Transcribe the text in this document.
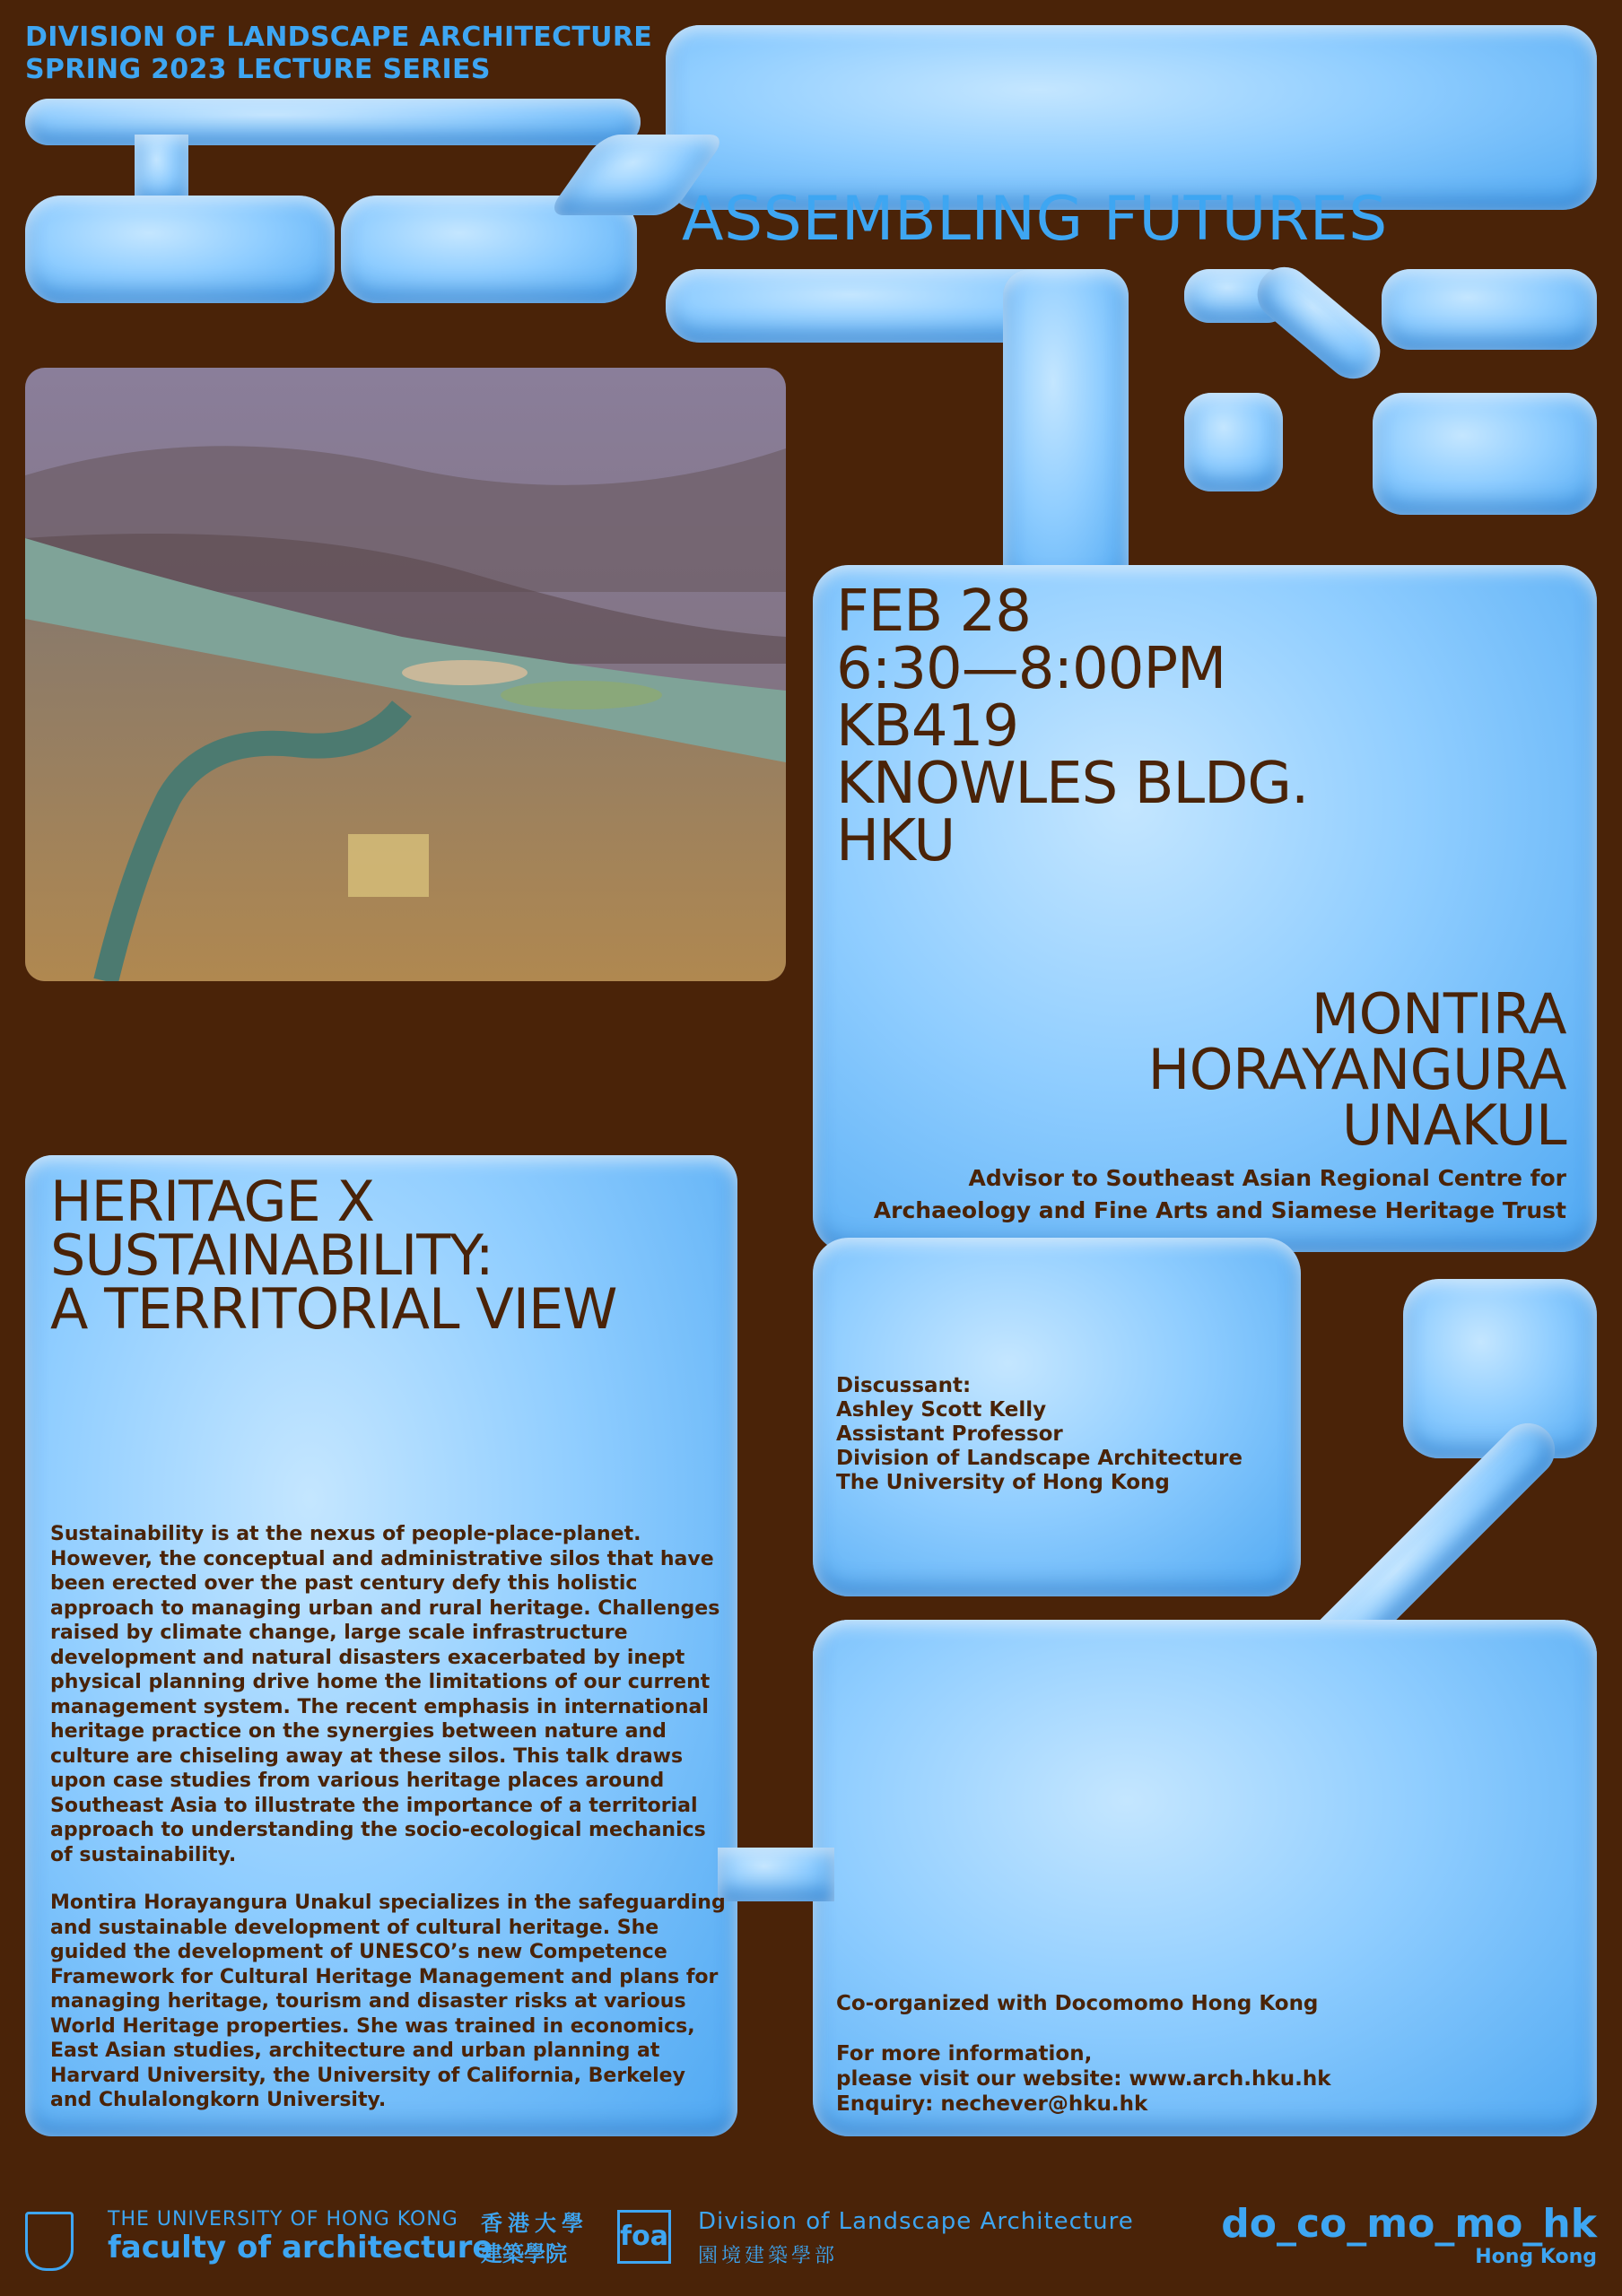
DIVISION OF LANDSCAPE ARCHITECTURE
SPRING 2023 LECTURE SERIES
ASSEMBLING FUTURES
FEB 28
6:30—8:00PM
KB419
KNOWLES BLDG.
HKU
MONTIRA
HORAYANGURA
UNAKUL
Advisor to Southeast Asian Regional Centre for
Archaeology and Fine Arts and Siamese Heritage Trust
HERITAGE X
SUSTAINABILITY:
A TERRITORIAL VIEW
Discussant:
Ashley Scott Kelly
Assistant Professor
Division of Landscape Architecture
The University of Hong Kong
Sustainability is at the nexus of people-place-planet. However, the conceptual and administrative silos that have been erected over the past century defy this holistic approach to managing urban and rural heritage. Challenges raised by climate change, large scale infrastructure development and natural disasters exacerbated by inept physical planning drive home the limitations of our current management system. The recent emphasis in international heritage practice on the synergies between nature and culture are chiseling away at these silos. This talk draws upon case studies from various heritage places around Southeast Asia to illustrate the importance of a territorial approach to understanding the socio-ecological mechanics of sustainability.
Montira Horayangura Unakul specializes in the safeguarding and sustainable development of cultural heritage. She guided the development of UNESCO’s new Competence Framework for Cultural Heritage Management and plans for managing heritage, tourism and disaster risks at various World Heritage properties. She was trained in economics, East Asian studies, architecture and urban planning at Harvard University, the University of California, Berkeley and Chulalongkorn University.
Co-organized with Docomomo Hong Kong
For more information,
please visit our website: www.arch.hku.hk
Enquiry: nechever@hku.hk
THE UNIVERSITY OF HONG KONG
faculty of architecture
香港大學
建築學院
foa Division of Landscape Architecture
園境建築學部
do_co_mo_mo_hk
Hong Kong
